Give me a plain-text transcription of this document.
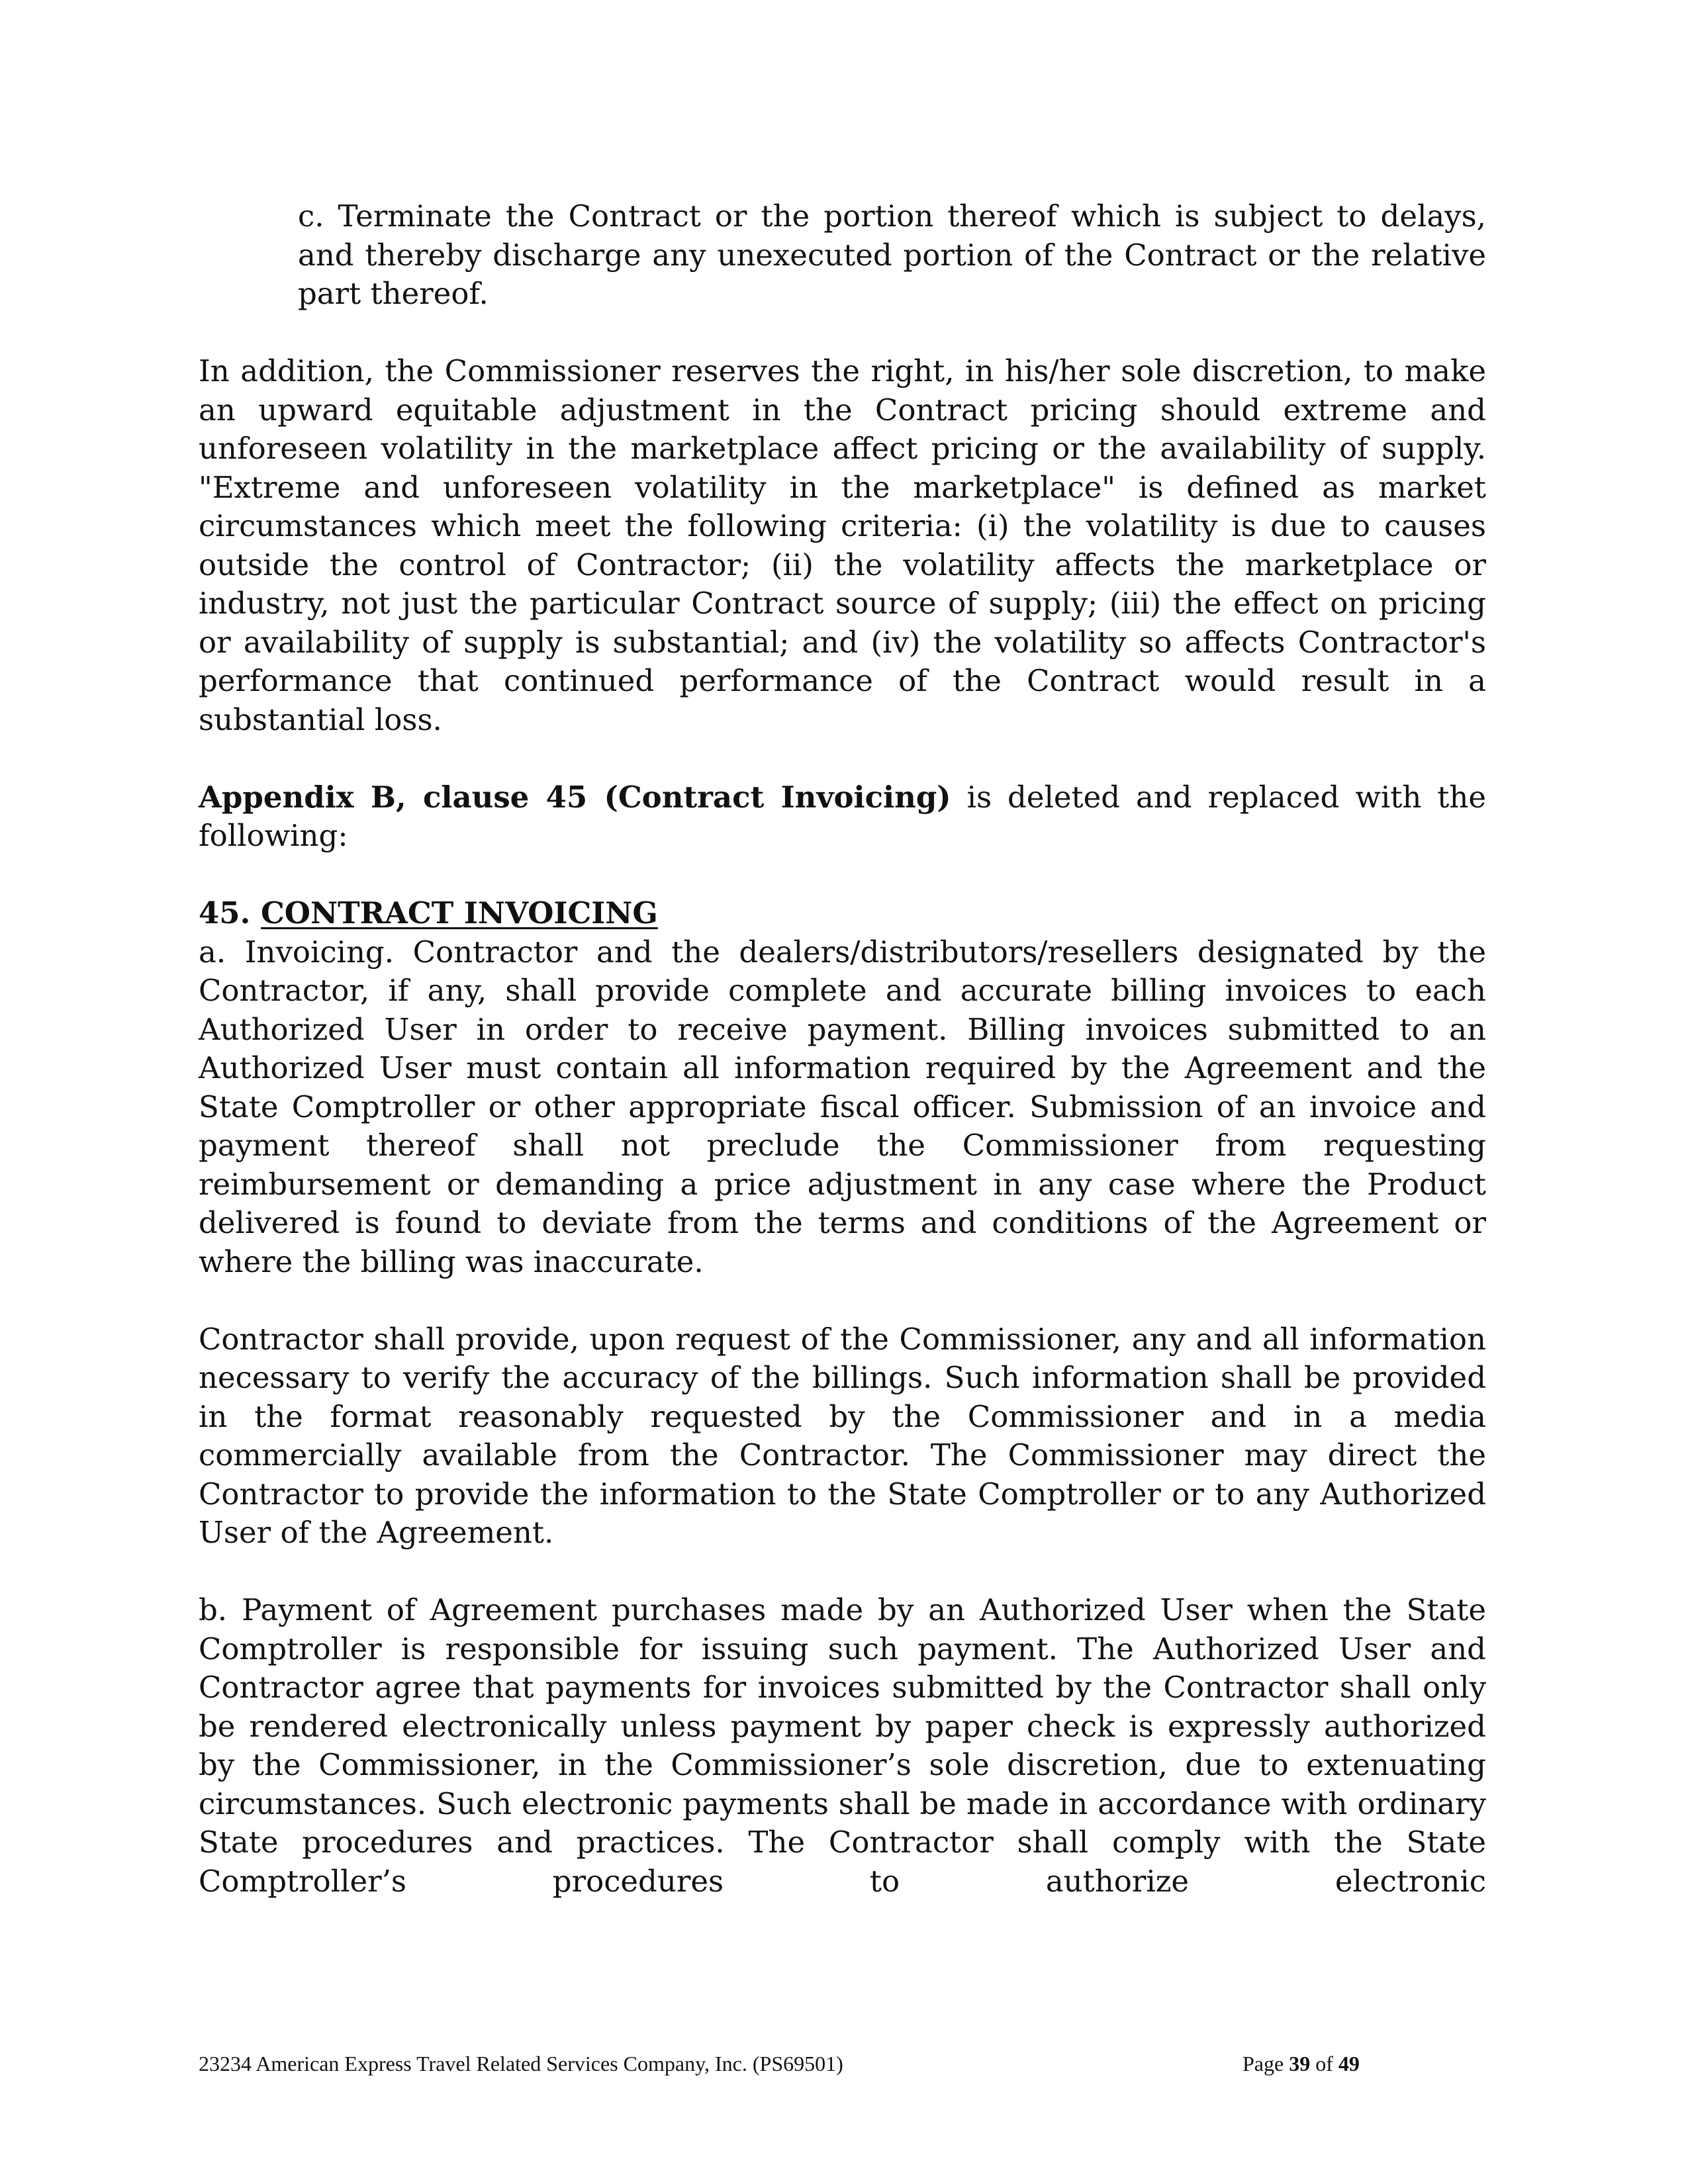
c. Terminate the Contract or the portion thereof which is subject to delays, and thereby discharge any unexecuted portion of the Contract or the relative part thereof.

In addition, the Commissioner reserves the right, in his/her sole discretion, to make an upward equitable adjustment in the Contract pricing should extreme and unforeseen volatility in the marketplace affect pricing or the availability of supply. "Extreme and unforeseen volatility in the marketplace" is defined as market circumstances which meet the following criteria: (i) the volatility is due to causes outside the control of Contractor; (ii) the volatility affects the marketplace or industry, not just the particular Contract source of supply; (iii) the effect on pricing or availability of supply is substantial; and (iv) the volatility so affects Contractor's performance that continued performance of the Contract would result in a substantial loss.

Appendix B, clause 45 (Contract Invoicing) is deleted and replaced with the following:

45. CONTRACT INVOICING

a. Invoicing. Contractor and the dealers/distributors/resellers designated by the Contractor, if any, shall provide complete and accurate billing invoices to each Authorized User in order to receive payment. Billing invoices submitted to an Authorized User must contain all information required by the Agreement and the State Comptroller or other appropriate fiscal officer. Submission of an invoice and payment thereof shall not preclude the Commissioner from requesting reimbursement or demanding a price adjustment in any case where the Product delivered is found to deviate from the terms and conditions of the Agreement or where the billing was inaccurate.

Contractor shall provide, upon request of the Commissioner, any and all information necessary to verify the accuracy of the billings. Such information shall be provided in the format reasonably requested by the Commissioner and in a media commercially available from the Contractor. The Commissioner may direct the Contractor to provide the information to the State Comptroller or to any Authorized User of the Agreement.

b. Payment of Agreement purchases made by an Authorized User when the State Comptroller is responsible for issuing such payment. The Authorized User and Contractor agree that payments for invoices submitted by the Contractor shall only be rendered electronically unless payment by paper check is expressly authorized by the Commissioner, in the Commissioner’s sole discretion, due to extenuating circumstances. Such electronic payments shall be made in accordance with ordinary State procedures and practices. The Contractor shall comply with the State Comptroller’s procedures to authorize electronic

23234 American Express Travel Related Services Company, Inc. (PS69501)	Page 39 of 49
